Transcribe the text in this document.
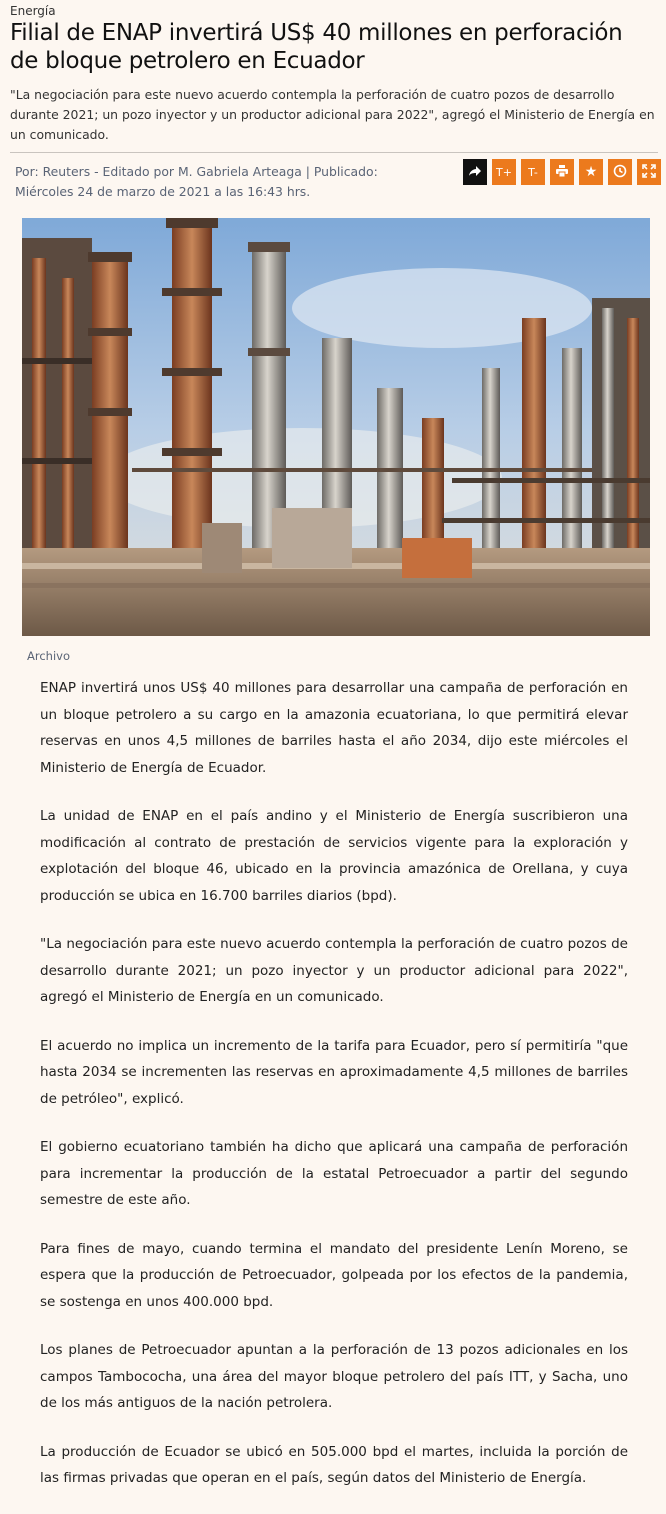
Energía
Filial de ENAP invertirá US$ 40 millones en perforación de bloque petrolero en Ecuador

"La negociación para este nuevo acuerdo contempla la perforación de cuatro pozos de desarrollo durante 2021; un pozo inyector y un productor adicional para 2022", agregó el Ministerio de Energía en un comunicado.

Por: Reuters - Editado por M. Gabriela Arteaga | Publicado: Miércoles 24 de marzo de 2021 a las 16:43 hrs.
T+ T-	★
Archivo

ENAP invertirá unos US$ 40 millones para desarrollar una campaña de perforación en un bloque petrolero a su cargo en la amazonia ecuatoriana, lo que permitirá elevar reservas en unos 4,5 millones de barriles hasta el año 2034, dijo este miércoles el Ministerio de Energía de Ecuador.

La unidad de ENAP en el país andino y el Ministerio de Energía suscribieron una modificación al contrato de prestación de servicios vigente para la exploración y explotación del bloque 46, ubicado en la provincia amazónica de Orellana, y cuya producción se ubica en 16.700 barriles diarios (bpd).

"La negociación para este nuevo acuerdo contempla la perforación de cuatro pozos de desarrollo durante 2021; un pozo inyector y un productor adicional para 2022", agregó el Ministerio de Energía en un comunicado.

El acuerdo no implica un incremento de la tarifa para Ecuador, pero sí permitiría "que hasta 2034 se incrementen las reservas en aproximadamente 4,5 millones de barriles de petróleo", explicó.

El gobierno ecuatoriano también ha dicho que aplicará una campaña de perforación para incrementar la producción de la estatal Petroecuador a partir del segundo semestre de este año.

Para fines de mayo, cuando termina el mandato del presidente Lenín Moreno, se espera que la producción de Petroecuador, golpeada por los efectos de la pandemia, se sostenga en unos 400.000 bpd.

Los planes de Petroecuador apuntan a la perforación de 13 pozos adicionales en los campos Tambococha, una área del mayor bloque petrolero del país ITT, y Sacha, uno de los más antiguos de la nación petrolera.

La producción de Ecuador se ubicó en 505.000 bpd el martes, incluida la porción de las firmas privadas que operan en el país, según datos del Ministerio de Energía.
